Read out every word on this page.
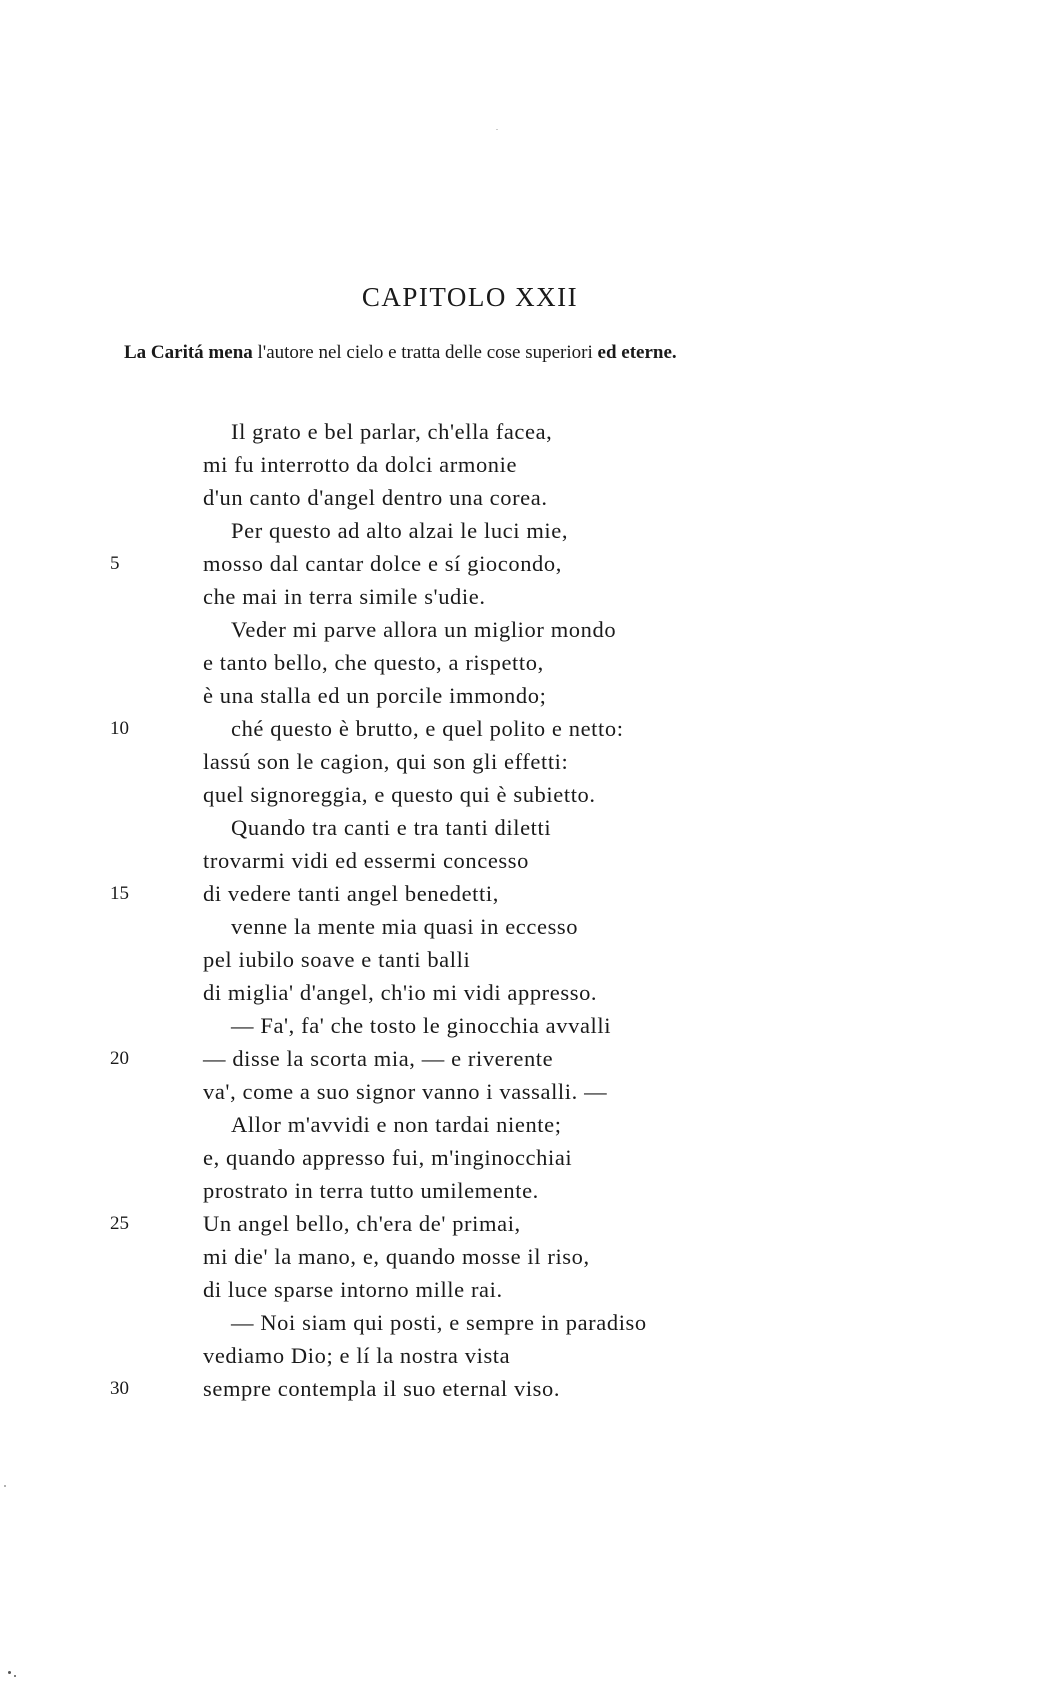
CAPITOLO XXII

La Caritá mena l'autore nel cielo e tratta delle cose superiori ed eterne.

Il grato e bel parlar, ch'ella facea,
mi fu interrotto da dolci armonie
d'un canto d'angel dentro una corea.
Per questo ad alto alzai le luci mie,
5	mosso dal cantar dolce e sí giocondo,
che mai in terra simile s'udie.
Veder mi parve allora un miglior mondo
e tanto bello, che questo, a rispetto,
è una stalla ed un porcile immondo;
10	ché questo è brutto, e quel polito e netto:
lassú son le cagion, qui son gli effetti:
quel signoreggia, e questo qui è subietto.
Quando tra canti e tra tanti diletti
trovarmi vidi ed essermi concesso
15	di vedere tanti angel benedetti,
venne la mente mia quasi in eccesso
pel iubilo soave e tanti balli
di miglia' d'angel, ch'io mi vidi appresso.
— Fa', fa' che tosto le ginocchia avvalli
20	— disse la scorta mia, — e riverente
va', come a suo signor vanno i vassalli. —
Allor m'avvidi e non tardai niente;
e, quando appresso fui, m'inginocchiai
prostrato in terra tutto umilemente.
25	Un angel bello, ch'era de' primai,
mi die' la mano, e, quando mosse il riso,
di luce sparse intorno mille rai.
— Noi siam qui posti, e sempre in paradiso
vediamo Dio; e lí la nostra vista
30	sempre contempla il suo eternal viso.
